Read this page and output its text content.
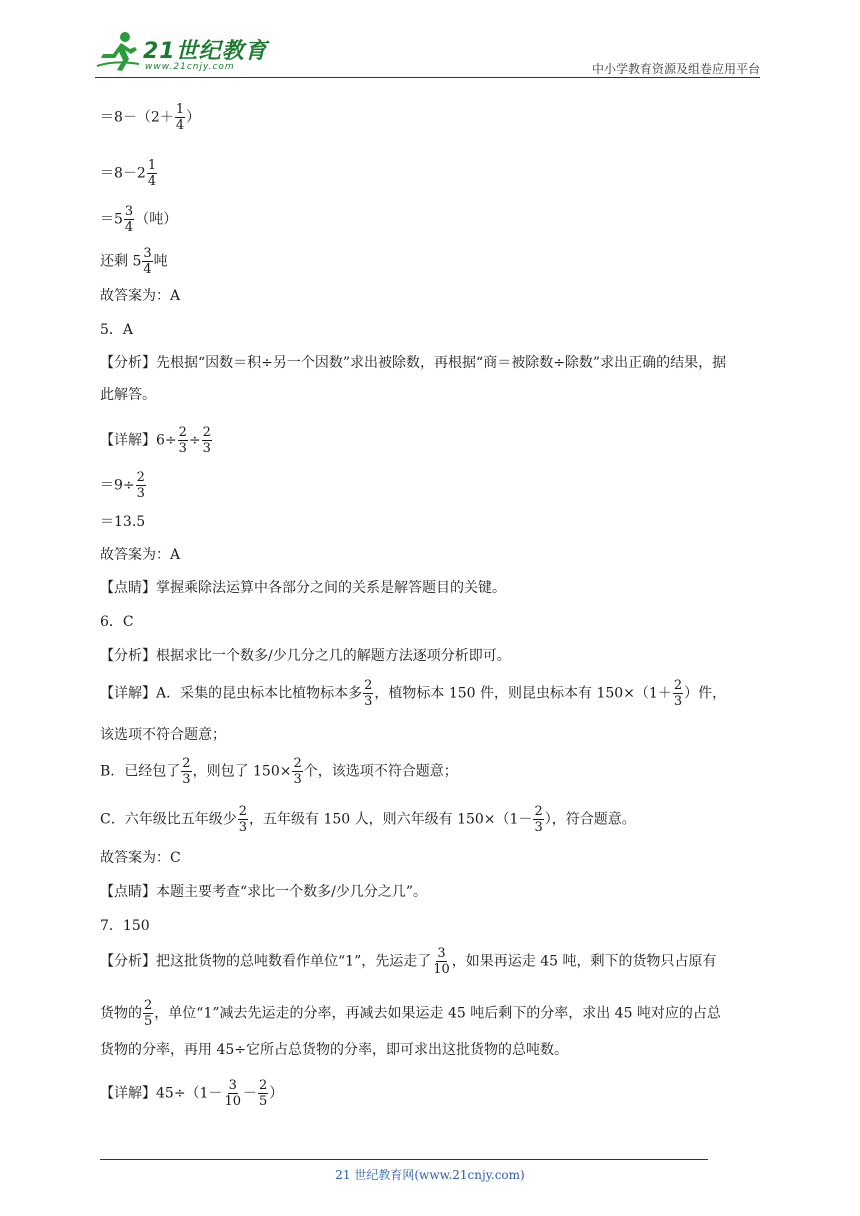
21世纪教育
www.21cnjy.com	中小学教育资源及组卷应用平台
$=8-(2+ \frac{1}{4}$ ）
$=8-2 \frac{1}{4}$
$=5 \frac{3}{4}$ （吨）
还剩 $5 \frac{3}{4}$ 吨
故答案为：A
5．A
【分析】先根据“因数＝积÷另一个因数”求出被除数，再根据“商＝被除数÷除数”求出正确的结果，据
此解答。
【详解】$6\div \frac{2}{3} \div \frac{2}{3}$
$=9\div \frac{2}{3}$
＝13.5
故答案为：A
【点睛】掌握乘除法运算中各部分之间的关系是解答题目的关键。
6．C
【分析】根据求比一个数多/少几分之几的解题方法逐项分析即可。
【详解】A．采集的昆虫标本比植物标本多 $\frac{2}{3}$ ，植物标本 150 件，则昆虫标本有 $150\times(1+ \frac{2}{3}$ ）件，
该选项不符合题意；
B．已经包了 $\frac{2}{3}$ ，则包了 $150\times \frac{2}{3}$ 个，该选项不符合题意；
C．六年级比五年级少 $\frac{2}{3}$ ，五年级有 150 人，则六年级有 $150\times(1- \frac{2}{3}$ ），符合题意。
故答案为：C
【点睛】本题主要考查“求比一个数多/少几分之几”。
7．150
【分析】把这批货物的总吨数看作单位“1”，先运走了 $\frac{3}{10}$ ，如果再运走 45 吨，剩下的货物只占原有
货物的 $\frac{2}{5}$ ，单位“1”减去先运走的分率，再减去如果运走 45 吨后剩下的分率，求出 45 吨对应的占总
货物的分率，再用 45÷它所占总货物的分率，即可求出这批货物的总吨数。
【详解】$45\div(1- \frac{3}{10} - \frac{2}{5}$ ）
21 世纪教育网(www.21cnjy.com)
